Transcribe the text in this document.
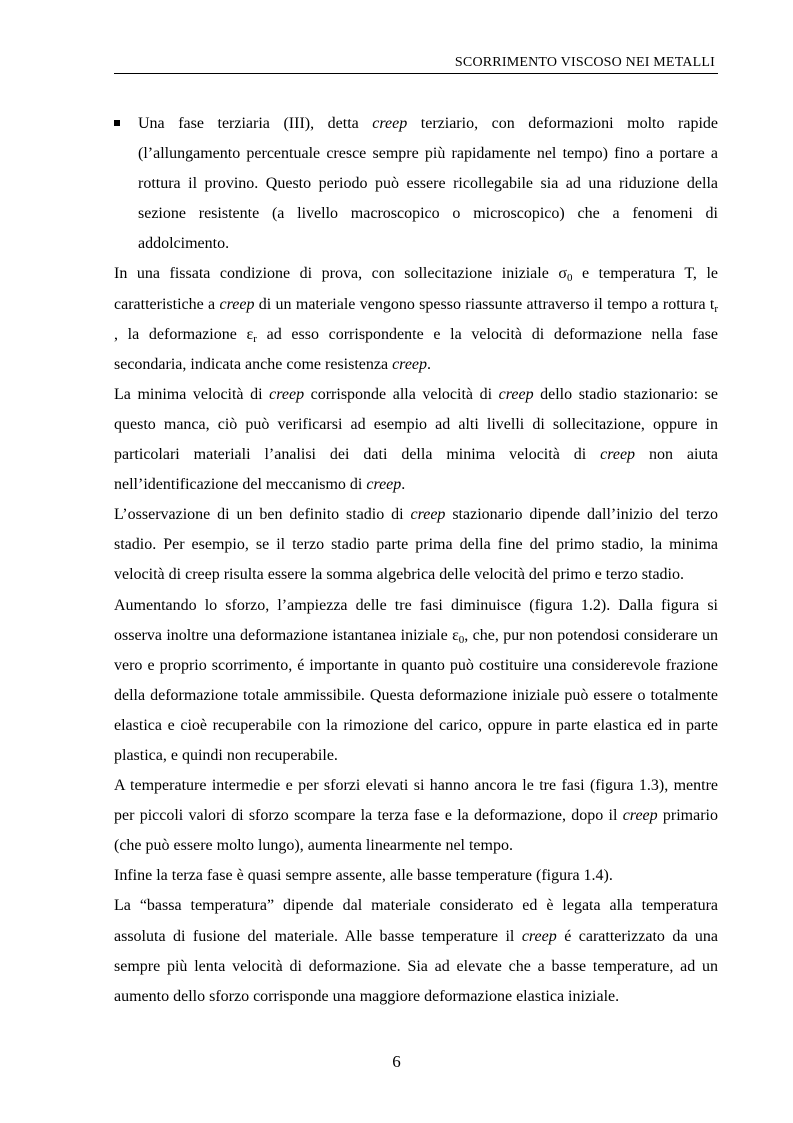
SCORRIMENTO VISCOSO NEI METALLI

Una fase terziaria (III), detta creep terziario, con deformazioni molto rapide (l’allungamento percentuale cresce sempre più rapidamente nel tempo) fino a portare a rottura il provino. Questo periodo può essere ricollegabile sia ad una riduzione della sezione resistente (a livello macroscopico o microscopico) che a fenomeni di addolcimento.

In una fissata condizione di prova, con sollecitazione iniziale $\sigma_0$ e temperatura T, le caratteristiche a creep di un materiale vengono spesso riassunte attraverso il tempo a rottura $t_r$ , la deformazione $\varepsilon_r$ ad esso corrispondente e la velocità di deformazione nella fase secondaria, indicata anche come resistenza creep.

La minima velocità di creep corrisponde alla velocità di creep dello stadio stazionario: se questo manca, ciò può verificarsi ad esempio ad alti livelli di sollecitazione, oppure in particolari materiali l’analisi dei dati della minima velocità di creep non aiuta nell’identificazione del meccanismo di creep.

L’osservazione di un ben definito stadio di creep stazionario dipende dall’inizio del terzo stadio. Per esempio, se il terzo stadio parte prima della fine del primo stadio, la minima velocità di creep risulta essere la somma algebrica delle velocità del primo e terzo stadio.

Aumentando lo sforzo, l’ampiezza delle tre fasi diminuisce (figura 1.2). Dalla figura si osserva inoltre una deformazione istantanea iniziale $\varepsilon_0$, che, pur non potendosi considerare un vero e proprio scorrimento, é importante in quanto può costituire una considerevole frazione della deformazione totale ammissibile. Questa deformazione iniziale può essere o totalmente elastica e cioè recuperabile con la rimozione del carico, oppure in parte elastica ed in parte plastica, e quindi non recuperabile.

A temperature intermedie e per sforzi elevati si hanno ancora le tre fasi (figura 1.3), mentre per piccoli valori di sforzo scompare la terza fase e la deformazione, dopo il creep primario (che può essere molto lungo), aumenta linearmente nel tempo.

Infine la terza fase è quasi sempre assente, alle basse temperature (figura 1.4).

La “bassa temperatura” dipende dal materiale considerato ed è legata alla temperatura assoluta di fusione del materiale. Alle basse temperature il creep é caratterizzato da una sempre più lenta velocità di deformazione. Sia ad elevate che a basse temperature, ad un aumento dello sforzo corrisponde una maggiore deformazione elastica iniziale.

6
